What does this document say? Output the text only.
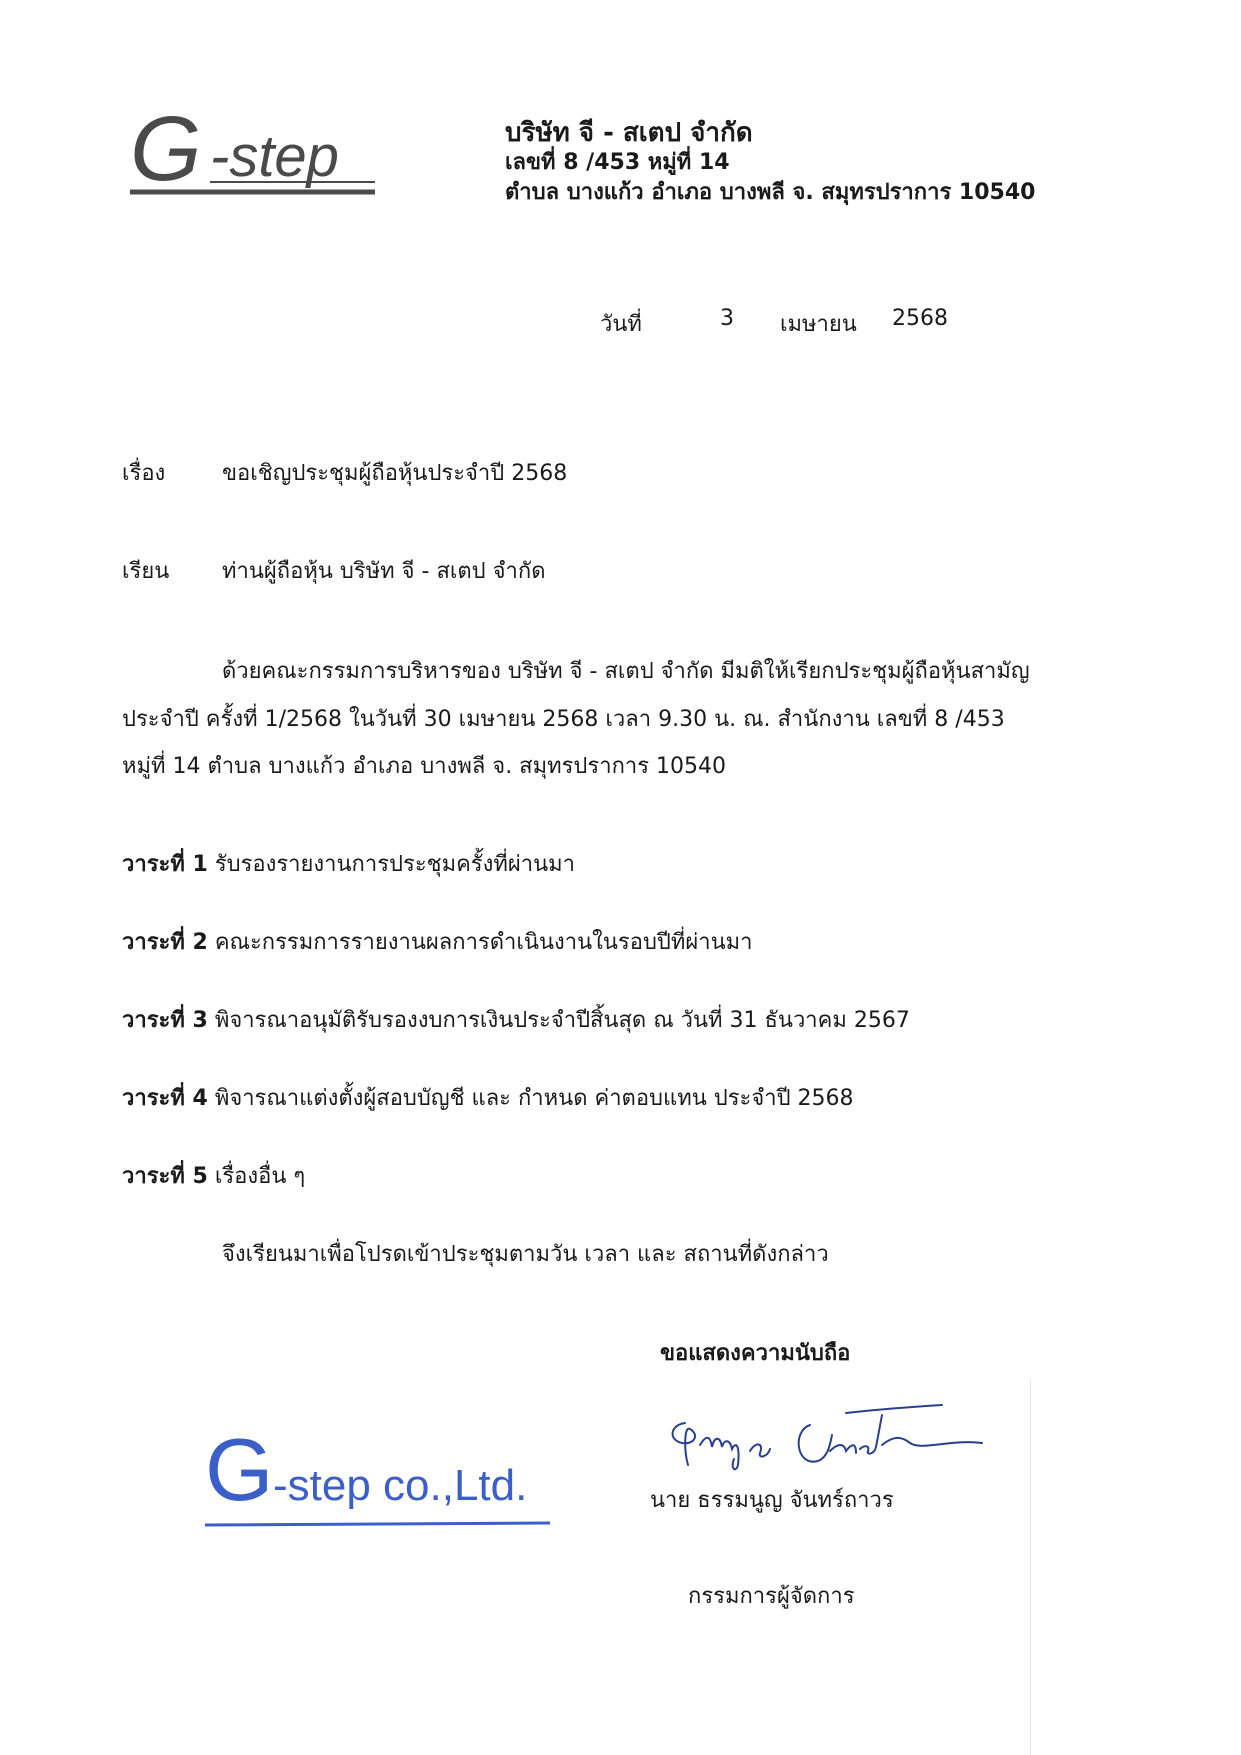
G -step	บริษัท จี - สเตป จำกัด
เลขที่ 8 /453 หมู่ที่ 14
ตำบล บางแก้ว อำเภอ บางพลี จ. สมุทรปราการ 10540
วันที่	3 เมษายน 2568
เรื่อง	ขอเชิญประชุมผู้ถือหุ้นประจำปี 2568
เรียน ท่านผู้ถือหุ้น บริษัท จี - สเตป จำกัด
ด้วยคณะกรรมการบริหารของ บริษัท จี - สเตป จำกัด มีมติให้เรียกประชุมผู้ถือหุ้นสามัญ
ประจำปี ครั้งที่ 1/2568 ในวันที่ 30 เมษายน 2568 เวลา 9.30 น. ณ. สำนักงาน เลขที่ 8 /453
หมู่ที่ 14 ตำบล บางแก้ว อำเภอ บางพลี จ. สมุทรปราการ 10540
วาระที่ 1 รับรองรายงานการประชุมครั้งที่ผ่านมา
วาระที่ 2 คณะกรรมการรายงานผลการดำเนินงานในรอบปีที่ผ่านมา
วาระที่ 3 พิจารณาอนุมัติรับรองงบการเงินประจำปีสิ้นสุด ณ วันที่ 31 ธันวาคม 2567
วาระที่ 4 พิจารณาแต่งตั้งผู้สอบบัญชี และ กำหนด ค่าตอบแทน ประจำปี 2568
วาระที่ 5 เรื่องอื่น ๆ
จึงเรียนมาเพื่อโปรดเข้าประชุมตามวัน เวลา และ สถานที่ดังกล่าว
ขอแสดงความนับถือ
นาย ธรรมนูญ จันทร์ถาวร
กรรมการผู้จัดการ
G -step co.,Ltd.
